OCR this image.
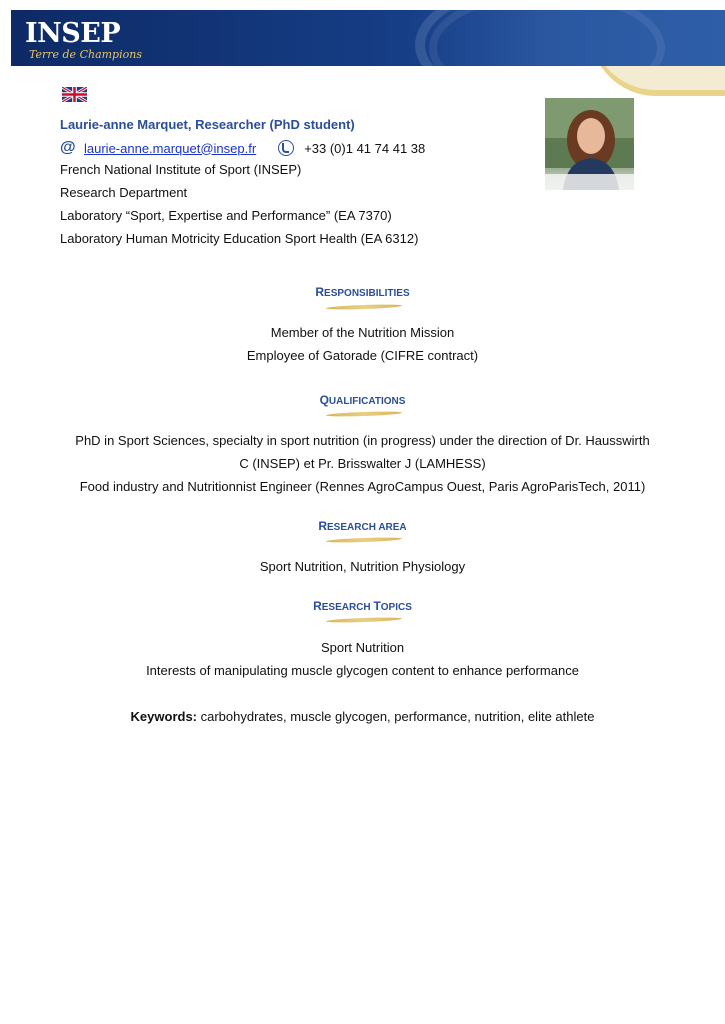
INSEP
Terre de Champions
Laurie-anne Marquet, Researcher (PhD student)
@ laurie-anne.marquet@insep.fr	+33 (0)1 41 74 41 38
French National Institute of Sport (INSEP)
Research Department
Laboratory “Sport, Expertise and Performance” (EA 7370)
Laboratory Human Motricity Education Sport Health (EA 6312)
RESPONSIBILITIES
Member of the Nutrition Mission
Employee of Gatorade (CIFRE contract)
QUALIFICATIONS
PhD in Sport Sciences, specialty in sport nutrition (in progress) under the direction of Dr. Hausswirth
C (INSEP) et Pr. Brisswalter J (LAMHESS)
Food industry and Nutritionnist Engineer (Rennes AgroCampus Ouest, Paris AgroParisTech, 2011)
RESEARCH AREA
Sport Nutrition, Nutrition Physiology
RESEARCH TOPICS
Sport Nutrition
Interests of manipulating muscle glycogen content to enhance performance
Keywords: carbohydrates, muscle glycogen, performance, nutrition, elite athlete
